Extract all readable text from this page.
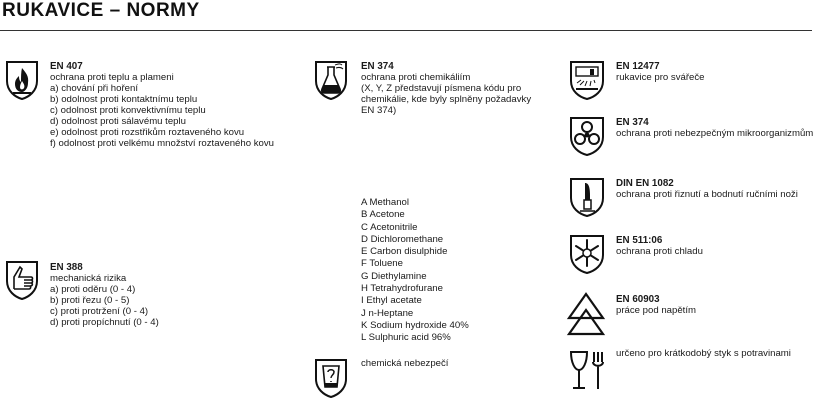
RUKAVICE – NORMY
EN 407
ochrana proti teplu a plameni
a) chování při hoření
b) odolnost proti kontaktnímu teplu
c) odolnost proti konvektivnímu teplu
d) odolnost proti sálavému teplu
e) odolnost proti rozstřikům roztaveného kovu
f) odolnost proti velkému množství roztaveného kovu
EN 388
mechanická rizika
a) proti oděru (0 - 4)
b) proti řezu (0 - 5)
c) proti protržení (0 - 4)
d) proti propíchnutí (0 - 4)
EN 374
ochrana proti chemikáliím
(X, Y, Z představují písmena kódu pro chemikálie, kde byly splněny požadavky EN 374)
A Methanol
B Acetone
C Acetonitrile
D Dichloromethane
E Carbon disulphide
F Toluene
G Diethylamine
H Tetrahydrofurane
I Ethyl acetate
J n-Heptane
K Sodium hydroxide 40%
L Sulphuric acid 96%
chemická nebezpečí
EN 12477
rukavice pro svářeče
EN 374
ochrana proti nebezpečným mikroorganizmům
DIN EN 1082
ochrana proti řiznutí a bodnutí ručními noži
EN 511:06
ochrana proti chladu
EN 60903
práce pod napětím
určeno pro krátkodobý styk s potravinami
